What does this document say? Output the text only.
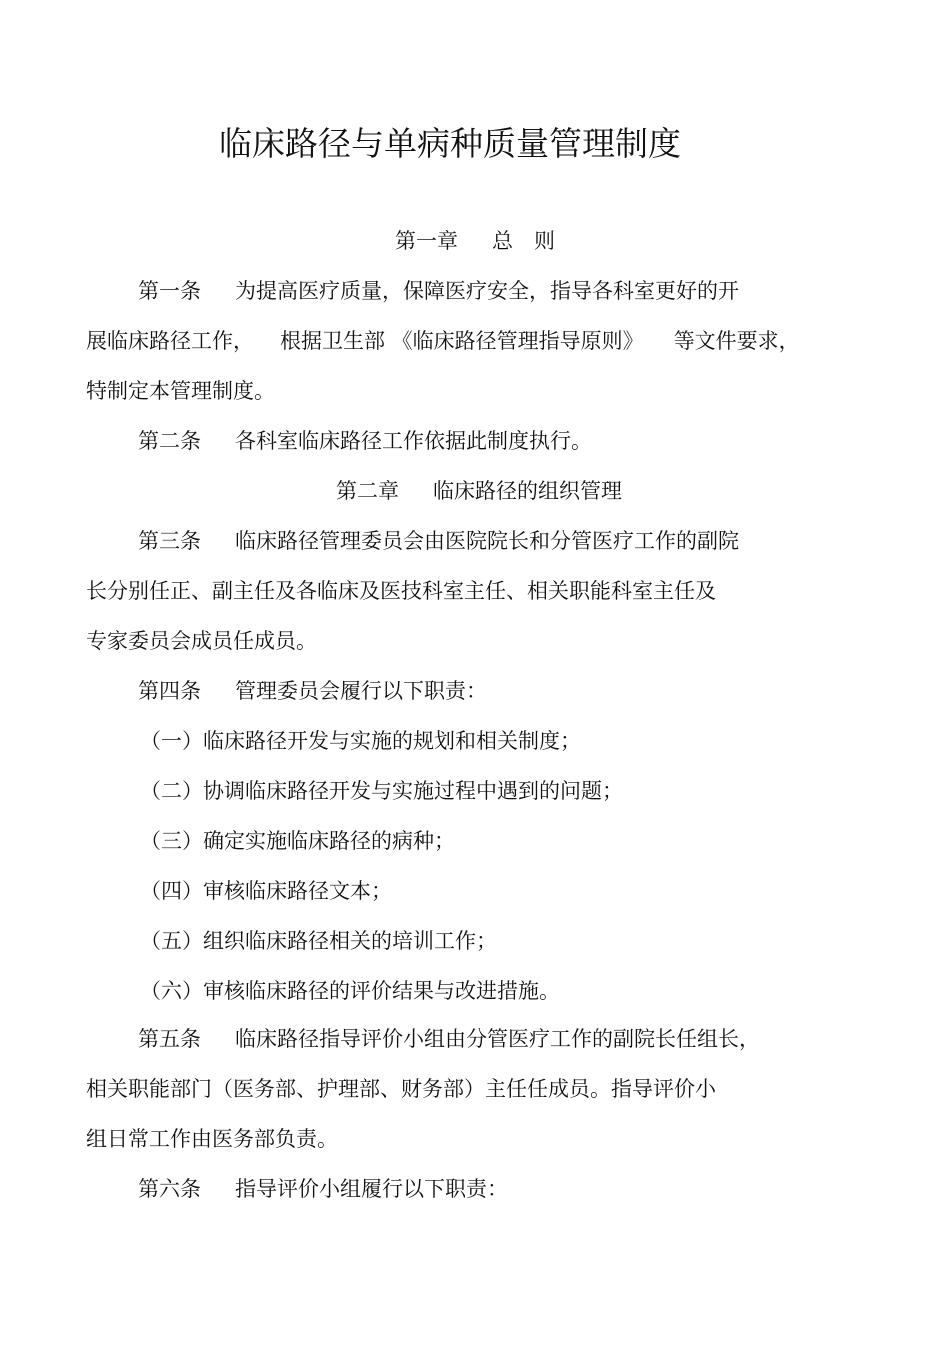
临床路径与单病种质量管理制度
第一章 总　则
第一条 为提高医疗质量，保障医疗安全，指导各科室更好的开
展临床路径工作， 根据卫生部 《临床路径管理指导原则》 等文件要求，
特制定本管理制度。
第二条 各科室临床路径工作依据此制度执行。
第二章 临床路径的组织管理
第三条 临床路径管理委员会由医院院长和分管医疗工作的副院
长分别任正、副主任及各临床及医技科室主任、相关职能科室主任及
专家委员会成员任成员。
第四条 管理委员会履行以下职责：
（一）临床路径开发与实施的规划和相关制度；
（二）协调临床路径开发与实施过程中遇到的问题；
（三）确定实施临床路径的病种；
（四）审核临床路径文本；
（五）组织临床路径相关的培训工作；
（六）审核临床路径的评价结果与改进措施。
第五条 临床路径指导评价小组由分管医疗工作的副院长任组长，
相关职能部门（医务部、护理部、财务部）主任任成员。指导评价小
组日常工作由医务部负责。
第六条 指导评价小组履行以下职责：
